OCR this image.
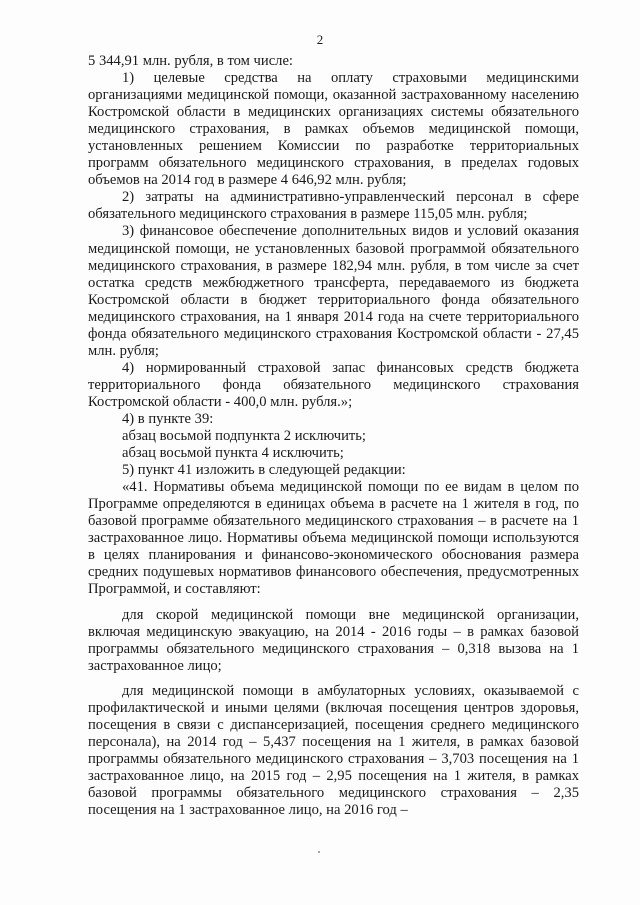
2

5 344,91 млн. рубля, в том числе:

1) целевые средства на оплату страховыми медицинскими организациями медицинской помощи, оказанной застрахованному населению Костромской области в медицинских организациях системы обязательного медицинского страхования, в рамках объемов медицинской помощи, установленных решением Комиссии по разработке территориальных программ обязательного медицинского страхования, в пределах годовых объемов на 2014 год в размере 4 646,92 млн. рубля;

2) затраты на административно-управленческий персонал в сфере обязательного медицинского страхования в размере 115,05 млн. рубля;

3) финансовое обеспечение дополнительных видов и условий оказания медицинской помощи, не установленных базовой программой обязательного медицинского страхования, в размере 182,94 млн. рубля, в том числе за счет остатка средств межбюджетного трансферта, передаваемого из бюджета Костромской области в бюджет территориального фонда обязательного медицинского страхования, на 1 января 2014 года на счете территориального фонда обязательного медицинского страхования Костромской области - 27,45 млн. рубля;

4) нормированный страховой запас финансовых средств бюджета территориального фонда обязательного медицинского страхования Костромской области - 400,0 млн. рубля.»;

4) в пункте 39:

абзац восьмой подпункта 2 исключить;

абзац восьмой пункта 4 исключить;

5) пункт 41 изложить в следующей редакции:

«41. Нормативы объема медицинской помощи по ее видам в целом по Программе определяются в единицах объема в расчете на 1 жителя в год, по базовой программе обязательного медицинского страхования – в расчете на 1 застрахованное лицо. Нормативы объема медицинской помощи используются в целях планирования и финансово-экономического обоснования размера средних подушевых нормативов финансового обеспечения, предусмотренных Программой, и составляют:

для скорой медицинской помощи вне медицинской организации, включая медицинскую эвакуацию, на 2014 - 2016 годы – в рамках базовой программы обязательного медицинского страхования – 0,318 вызова на 1 застрахованное лицо;

для медицинской помощи в амбулаторных условиях, оказываемой с профилактической и иными целями (включая посещения центров здоровья, посещения в связи с диспансеризацией, посещения среднего медицинского персонала), на 2014 год – 5,437 посещения на 1 жителя, в рамках базовой программы обязательного медицинского страхования – 3,703 посещения на 1 застрахованное лицо, на 2015 год – 2,95 посещения на 1 жителя, в рамках базовой программы обязательного медицинского страхования – 2,35 посещения на 1 застрахованное лицо, на 2016 год –
